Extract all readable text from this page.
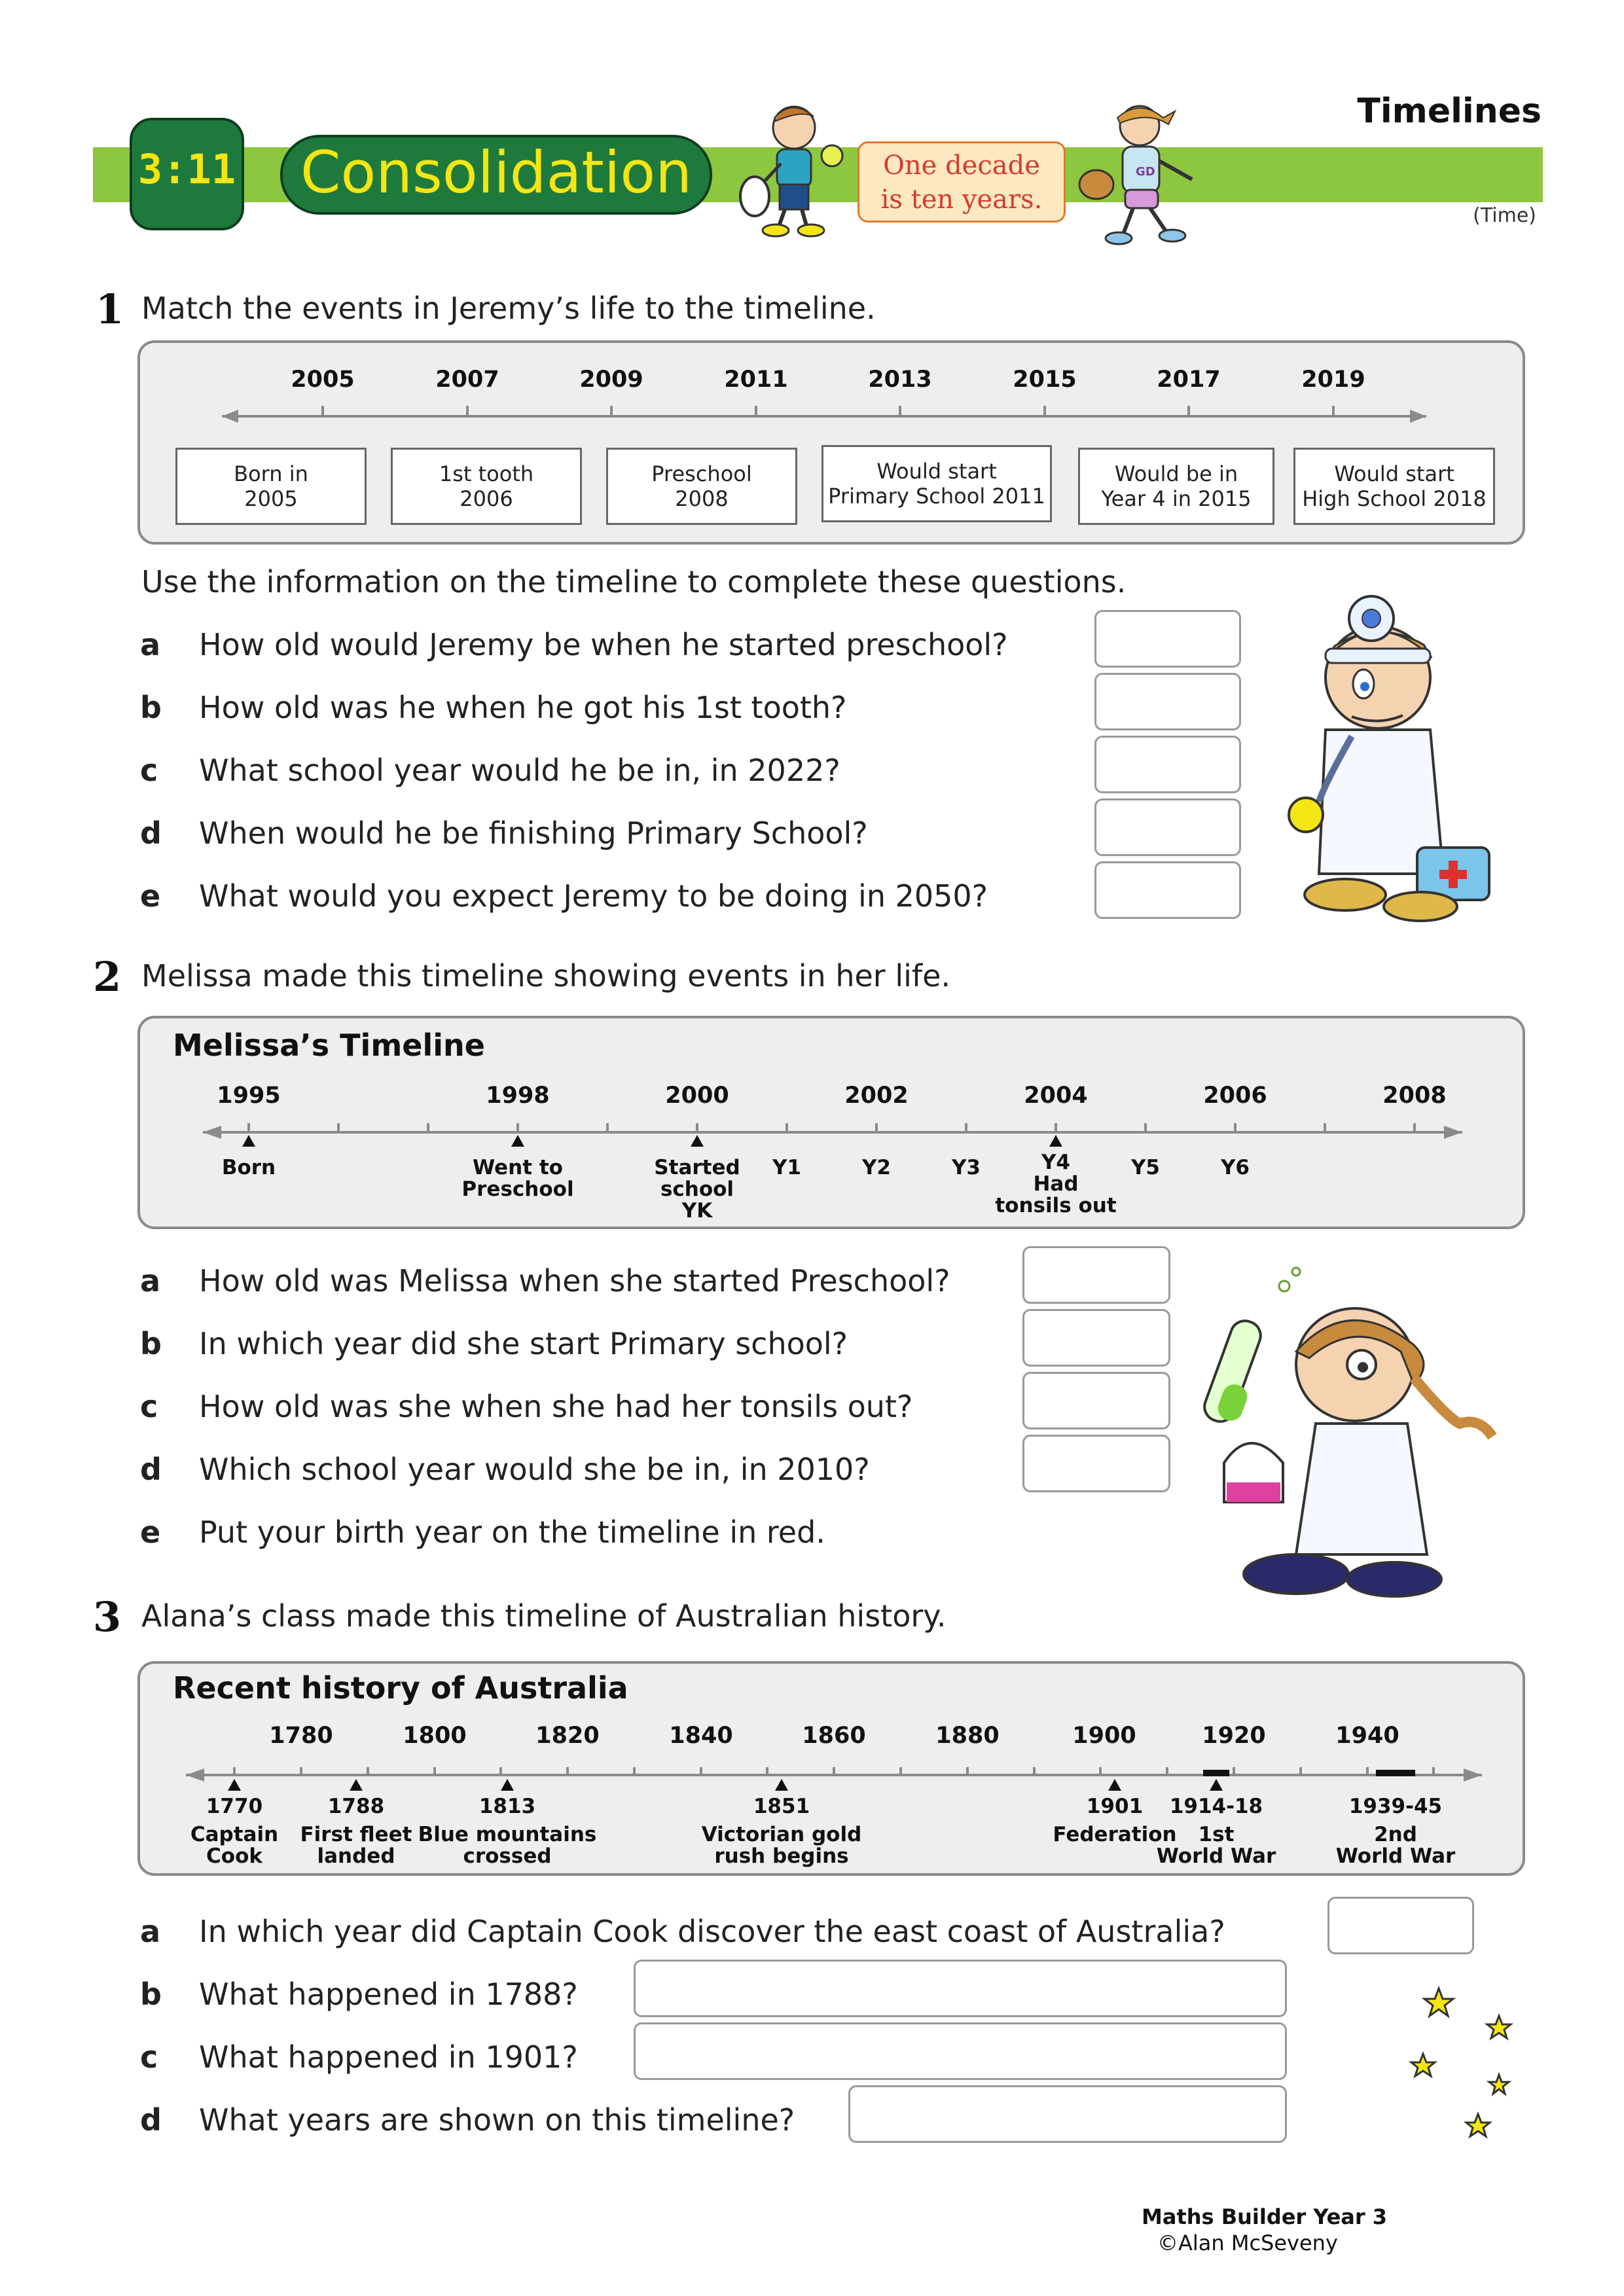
3:11	Consolidation	One decade
is ten years.
GD
Timelines
(Time)
1 Match the events in Jeremy’s life to the timeline.
2005	2007	2009	2011	2013	2015	2017	2019
Born in
2005
1st tooth
2006
Preschool
2008
Would start
Primary School 2011
Would be in
Year 4 in 2015
Would start
High School 2018
Use the information on the timeline to complete these questions.
a How old would Jeremy be when he started preschool?
b How old was he when he got his 1st tooth?
c What school year would he be in, in 2022?
d When would he be finishing Primary School?
e What would you expect Jeremy to be doing in 2050?
2 Melissa made this timeline showing events in her life.
Melissa’s Timeline
1995	1998	2000	2002	2004	2006	2008
Born	Went to
Preschool
Started
school
YK
Y1	Y2	Y3	Y4
Had
tonsils out
Y5	Y6
a How old was Melissa when she started Preschool?
b In which year did she start Primary school?
c How old was she when she had her tonsils out?
d Which school year would she be in, in 2010?
e Put your birth year on the timeline in red.
3 Alana’s class made this timeline of Australian history.
Recent history of Australia
1780	1800	1820	1840	1860	1880	1900	1920	1940
1770
Captain
Cook
1788
First fleet
landed
1813
Blue mountains
crossed
1851
Victorian gold
rush begins
1901
Federation
1914-18
1st
World War
1939-45
2nd
World War
a In which year did Captain Cook discover the east coast of Australia?
b What happened in 1788?
c What happened in 1901?
d What years are shown on this timeline?
Maths Builder Year 3
©Alan McSeveny
